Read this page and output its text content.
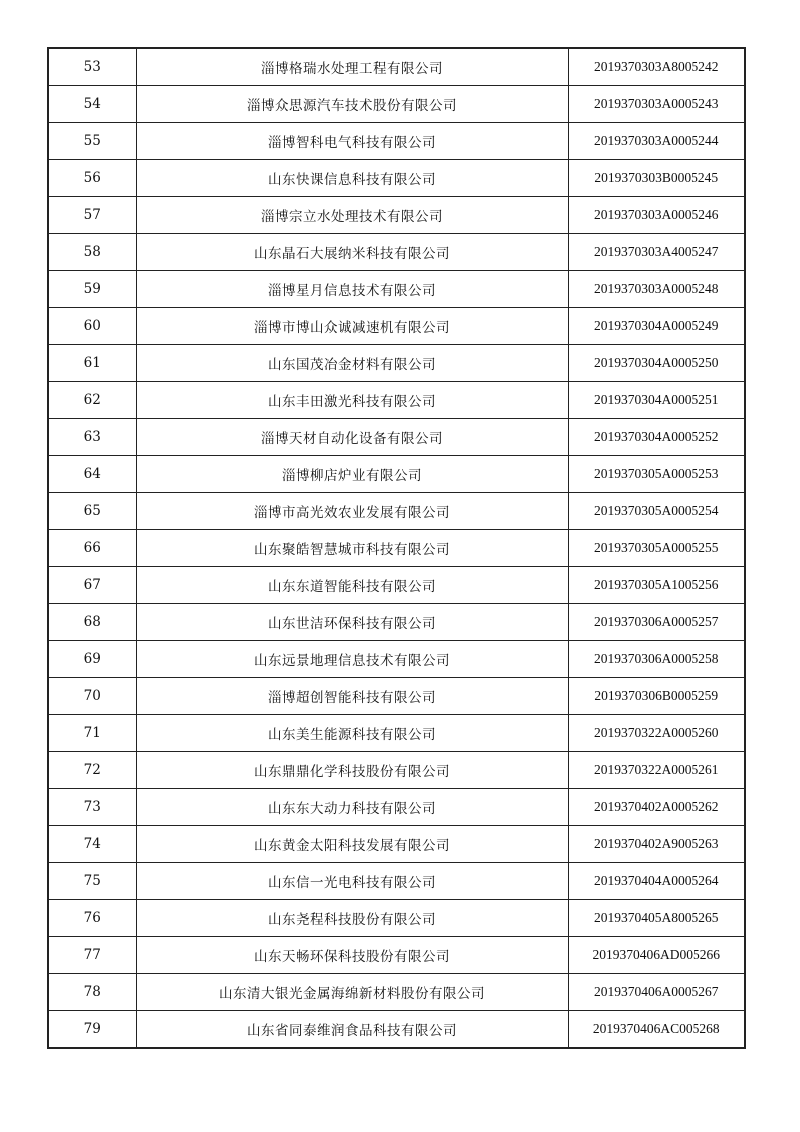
53	淄博格瑞水处理工程有限公司	2019370303A8005242
54	淄博众思源汽车技术股份有限公司	2019370303A0005243
55	淄博智科电气科技有限公司	2019370303A0005244
56	山东快课信息科技有限公司	2019370303B0005245
57	淄博宗立水处理技术有限公司	2019370303A0005246
58	山东晶石大展纳米科技有限公司	2019370303A4005247
59	淄博星月信息技术有限公司	2019370303A0005248
60	淄博市博山众诚减速机有限公司	2019370304A0005249
61	山东国茂冶金材料有限公司	2019370304A0005250
62	山东丰田激光科技有限公司	2019370304A0005251
63	淄博天材自动化设备有限公司	2019370304A0005252
64	淄博柳店炉业有限公司	2019370305A0005253
65	淄博市高光效农业发展有限公司	2019370305A0005254
66	山东聚皓智慧城市科技有限公司	2019370305A0005255
67	山东东道智能科技有限公司	2019370305A1005256
68	山东世洁环保科技有限公司	2019370306A0005257
69	山东远景地理信息技术有限公司	2019370306A0005258
70	淄博超创智能科技有限公司	2019370306B0005259
71	山东美生能源科技有限公司	2019370322A0005260
72	山东鼎鼎化学科技股份有限公司	2019370322A0005261
73	山东东大动力科技有限公司	2019370402A0005262
74	山东黄金太阳科技发展有限公司	2019370402A9005263
75	山东信一光电科技有限公司	2019370404A0005264
76	山东尧程科技股份有限公司	2019370405A8005265
77	山东天畅环保科技股份有限公司	2019370406AD005266
78	山东清大银光金属海绵新材料股份有限公司	2019370406A0005267
79	山东省同泰维润食品科技有限公司	2019370406AC005268
